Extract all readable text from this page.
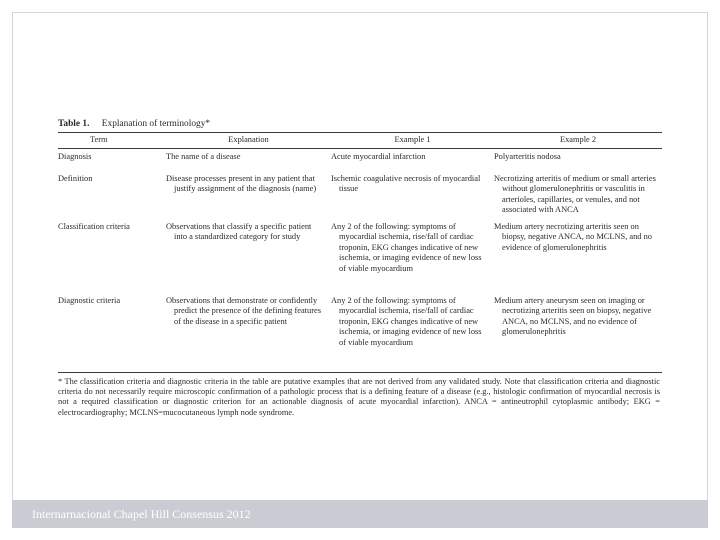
Table 1. Explanation of terminology*
Term	Explanation	Example 1	Example 2

Diagnosis	The name of a disease	Acute myocardial infarction	Polyarteritis nodosa

Definition	Disease processes present in any patient that justify assignment of the diagnosis (name)	Ischemic coagulative necrosis of myocardial tissue	Necrotizing arteritis of medium or small arteries without glomerulonephritis or vasculitis in arterioles, capillaries, or venules, and not associated with ANCA

Classification criteria	Observations that classify a specific patient into a standardized category for study	Any 2 of the following: symptoms of myocardial ischemia, rise/fall of cardiac troponin, EKG changes indicative of new ischemia, or imaging evidence of new loss of viable myocardium	Medium artery necrotizing arteritis seen on biopsy, negative ANCA, no MCLNS, and no evidence of glomerulonephritis

Diagnostic criteria	Observations that demonstrate or confidently predict the presence of the defining features of the disease in a specific patient	Any 2 of the following: symptoms of myocardial ischemia, rise/fall of cardiac troponin, EKG changes indicative of new ischemia, or imaging evidence of new loss of viable myocardium	Medium artery aneurysm seen on imaging or necrotizing arteritis seen on biopsy, negative ANCA, no MCLNS, and no evidence of glomerulonephritis
* The classification criteria and diagnostic criteria in the table are putative examples that are not derived from any validated study. Note that classification criteria and diagnostic criteria do not necessarily require microscopic confirmation of a pathologic process that is a defining feature of a disease (e.g., histologic confirmation of myocardial necrosis is not a required classification or diagnostic criterion for an actionable diagnosis of acute myocardial infarction). ANCA = antineutrophil cytoplasmic antibody; EKG = electrocardiography; MCLNS=mucocutaneous lymph node syndrome.
Internarnacional Chapel Hill Consensus 2012
